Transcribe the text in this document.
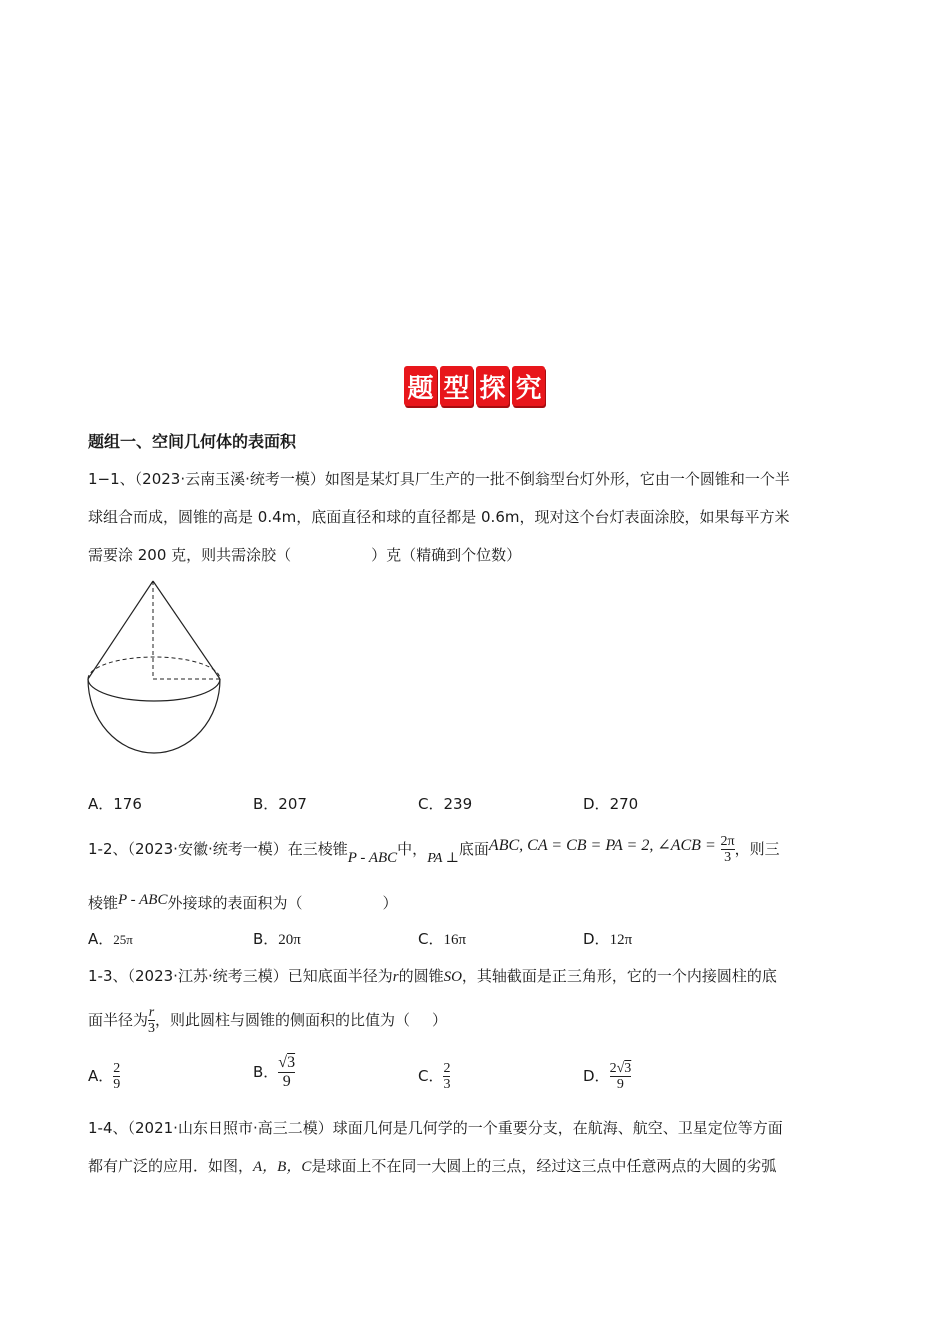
题 型 探 究
题组一、空间几何体的表面积
1−1、（2023·云南玉溪·统考一模）如图是某灯具厂生产的一批不倒翁型台灯外形，它由一个圆锥和一个半
球组合而成，圆锥的高是 0.4m，底面直径和球的直径都是 0.6m，现对这个台灯表面涂胶，如果每平方米
需要涂 200 克，则共需涂胶（	）克（精确到个位数）
A．176	B．207	C．239	D．270
1-2、（2023·安徽·统考一模）在三棱锥P - ABC中，PA ⊥底面ABC, CA = CB = PA = 2, ∠ACB = $\frac{2\pi}{3}$ ，则三
棱锥P - ABC外接球的表面积为（	）
A．25π	B．20π	C．16π	D．12π
1-3、（2023·江苏·统考三模）已知底面半径为r的圆锥SO，其轴截面是正三角形，它的一个内接圆柱的底
面半径为 $\frac{r}{3}$ ，则此圆柱与圆锥的侧面积的比值为（ ）
A． $\frac{2}{9}$	B． $\frac{√3}{9}$	C． $\frac{2}{3}$	D． $\frac{2√3}{9}$
1-4、（2021·山东日照市·高三二模）球面几何是几何学的一个重要分支，在航海、航空、卫星定位等方面
都有广泛的应用．如图，A，B，C是球面上不在同一大圆上的三点，经过这三点中任意两点的大圆的劣弧
